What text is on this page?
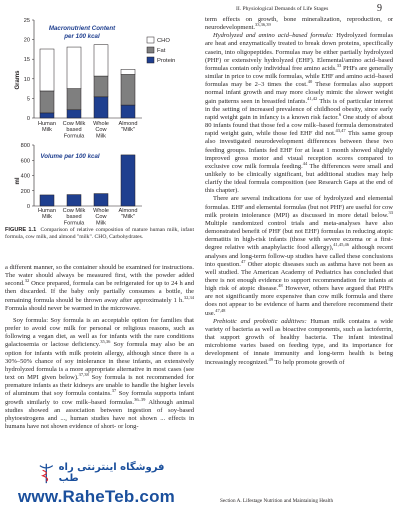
II. Physiological Demands of Life Stages	9
Macronutrient Content
per 100 kcal
Grams
0
5
10
15
20
25
Human Milk
Cow Milk based Formula
Whole Cow Milk
Almond "Milk"
CHO
Fat
Protein
Volume per 100 kcal
ml
0
200
400
600
800
Human Milk
Cow Milk based Formula
Whole Cow Milk
Almond "Milk"
FIGURE 1.1 Comparison of relative composition of mature human milk, infant formula, cow milk, and almond "milk". CHO, Carbohydrates.

a different manner, so the container should be examined for instructions. The water should always be measured first, with the powder added second.$^{32}$ Once prepared, formula can be refrigerated for up to 24 h and then discarded. If the baby only partially consumes a bottle, the remaining formula should be thrown away after approximately 1 h.$^{32,34}$ Formula should never be warmed in the microwave.

Soy formula: Soy formula is an acceptable option for families that prefer to avoid cow milk for personal or religious reasons, such as following a vegan diet, as well as for infants with the rare conditions galactosemia or lactose deficiency.$^{35,36}$ Soy formula may also be an option for infants with milk protein allergy, although since there is a 30%–50% chance of soy intolerance in these infants, an extensively hydrolyzed formula is a more appropriate alternative in most cases (see text on MPI given below).$^{37,38}$ Soy formula is not recommended for premature infants as their kidneys are unable to handle the higher levels of aluminum that soy formula contains.$^{37}$ Soy formula supports infant growth similarly to cow milk–based formulas.$^{36-39}$ Although animal studies showed an association between ingestion of soy-based phytoestrogens and ..., human studies have not shown ... effects in humans have not shown evidence of short- or long-

term effects on growth, bone mineralization, reproduction, or neurodevelopment.$^{33,36,39}$

Hydrolyzed and amino acid–based formula: Hydrolyzed formulas are heat and enzymatically treated to break down proteins, specifically casein, into oligopeptides. Formulas may be either partially hydrolyzed (PHF) or extensively hydrolyzed (EHF). Elemental/amino acid–based formulas contain only individual free amino acids.$^{33}$ PHFs are generally similar in price to cow milk formulas, while EHF and amino acid–based formulas may be 2–3 times the cost.$^{40}$ These formulas also support normal infant growth and may more closely mimic the slower weight gain patterns seen in breastfed infants.$^{41,42}$ This is of particular interest in the setting of increased prevalence of childhood obesity, since early rapid weight gain in infancy is a known risk factor.$^6$ One study of about 80 infants found that those fed a cow milk–based formula demonstrated rapid weight gain, while those fed EHF did not.$^{43,47}$ This same group also investigated neurodevelopment differences between these two feeding groups. Infants fed EHF for at least 1 month showed slightly improved gross motor and visual reception scores compared to exclusive cow milk formula feeding.$^{44}$ The differences were small and unlikely to be clinically significant, but additional studies may help clarify the ideal formula composition (see Research Gaps at the end of this chapter).

There are several indications for use of hydrolyzed and elemental formulas. EHF and elemental formulas (but not PHF) are useful for cow milk protein intolerance (MPI) as discussed in more detail below.$^{33}$ Multiple randomized control trials and meta-analyses have also demonstrated benefit of PHF (but not EHF) formulas in reducing atopic dermatitis in high-risk infants (those with severe eczema or a first-degree relative with anaphylactic food allergy),$^{41,45,46}$ although recent analyses and long-term follow-up studies have called these conclusions into question.$^{47}$ Other atopic diseases such as asthma have not been as well studied. The American Academy of Pediatrics has concluded that there is not enough evidence to support recommendation for infants at high risk of atopic disease.$^{48}$ However, others have argued that PHFs are not significantly more expensive than cow milk formula and there does not appear to be evidence of harm and therefore recommend their use.$^{47,48}$

Prebiotic and probiotic additives: Human milk contains a wide variety of bacteria as well as bioactive components, such as lactoferrin, that support growth of healthy bacteria. The infant intestinal microbiome varies based on feeding type, and its importance for development of innate immunity and long-term health is being increasingly recognized.$^{49}$ To help promote growth of

Section A. Lifestage Nutrition and Maintaining Health
فروشگاه اینترنتی راه طب
www.RaheTeb.com
